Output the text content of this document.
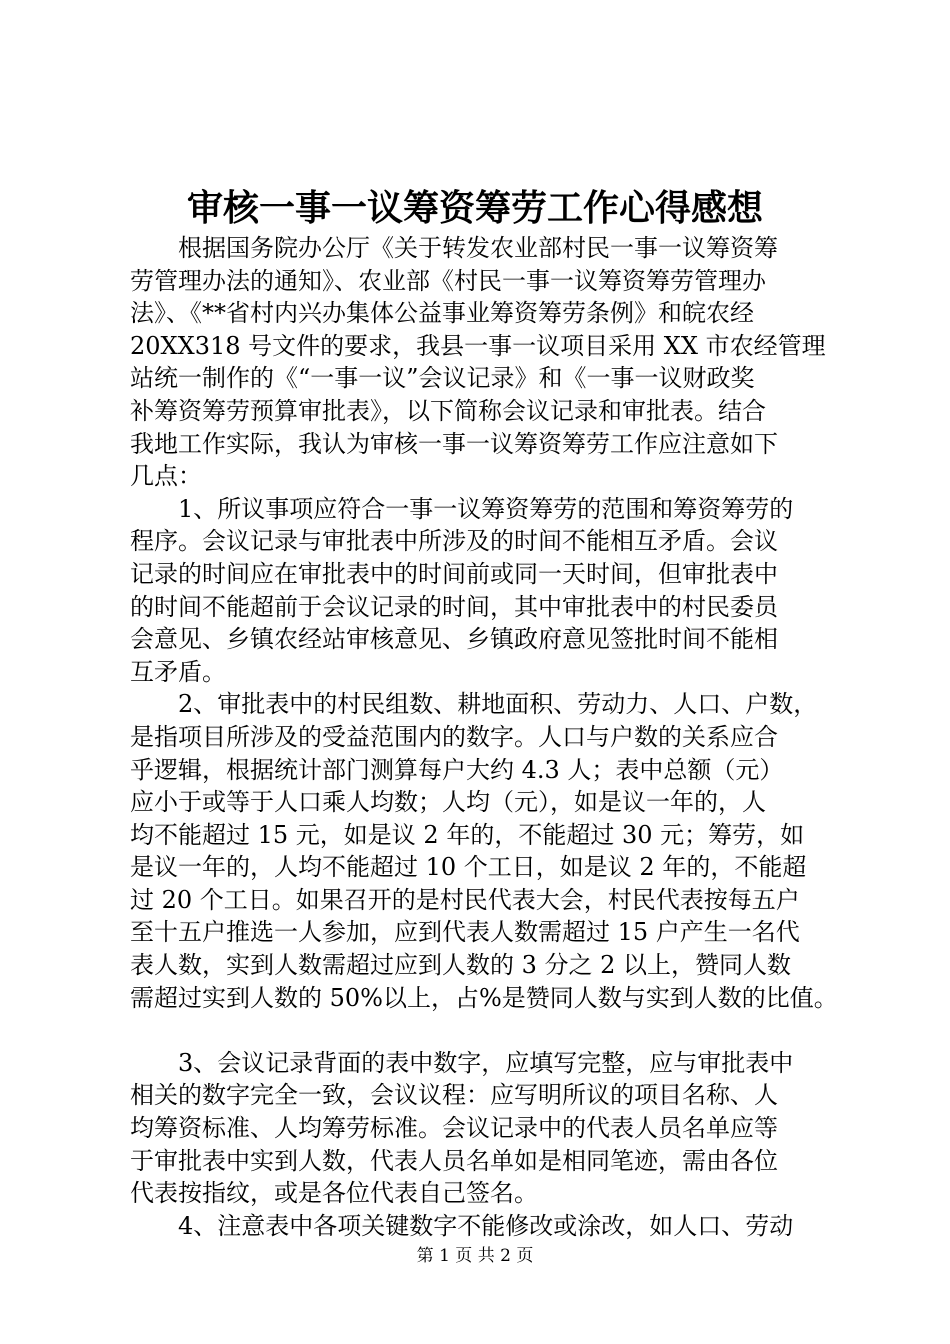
审核一事一议筹资筹劳工作心得感想
根据国务院办公厅《关于转发农业部村民一事一议筹资筹
劳管理办法的通知》、农业部《村民一事一议筹资筹劳管理办
法》、《**省村内兴办集体公益事业筹资筹劳条例》和皖农经
20XX318 号文件的要求，我县一事一议项目采用 XX 市农经管理
站统一制作的《“一事一议”会议记录》和《一事一议财政奖
补筹资筹劳预算审批表》，以下简称会议记录和审批表。结合
我地工作实际，我认为审核一事一议筹资筹劳工作应注意如下
几点：
1、所议事项应符合一事一议筹资筹劳的范围和筹资筹劳的
程序。会议记录与审批表中所涉及的时间不能相互矛盾。会议
记录的时间应在审批表中的时间前或同一天时间，但审批表中
的时间不能超前于会议记录的时间，其中审批表中的村民委员
会意见、乡镇农经站审核意见、乡镇政府意见签批时间不能相
互矛盾。
2、审批表中的村民组数、耕地面积、劳动力、人口、户数，
是指项目所涉及的受益范围内的数字。人口与户数的关系应合
乎逻辑，根据统计部门测算每户大约 4.3 人；表中总额（元）
应小于或等于人口乘人均数；人均（元），如是议一年的，人
均不能超过 15 元，如是议 2 年的，不能超过 30 元；筹劳，如
是议一年的，人均不能超过 10 个工日，如是议 2 年的，不能超
过 20 个工日。如果召开的是村民代表大会，村民代表按每五户
至十五户推选一人参加，应到代表人数需超过 15 户产生一名代
表人数，实到人数需超过应到人数的 3 分之 2 以上，赞同人数
需超过实到人数的 50%以上，占%是赞同人数与实到人数的比值。
3、会议记录背面的表中数字，应填写完整，应与审批表中
相关的数字完全一致，会议议程：应写明所议的项目名称、人
均筹资标准、人均筹劳标准。会议记录中的代表人员名单应等
于审批表中实到人数，代表人员名单如是相同笔迹，需由各位
代表按指纹，或是各位代表自己签名。
4、注意表中各项关键数字不能修改或涂改，如人口、劳动
第 1 页 共 2 页
